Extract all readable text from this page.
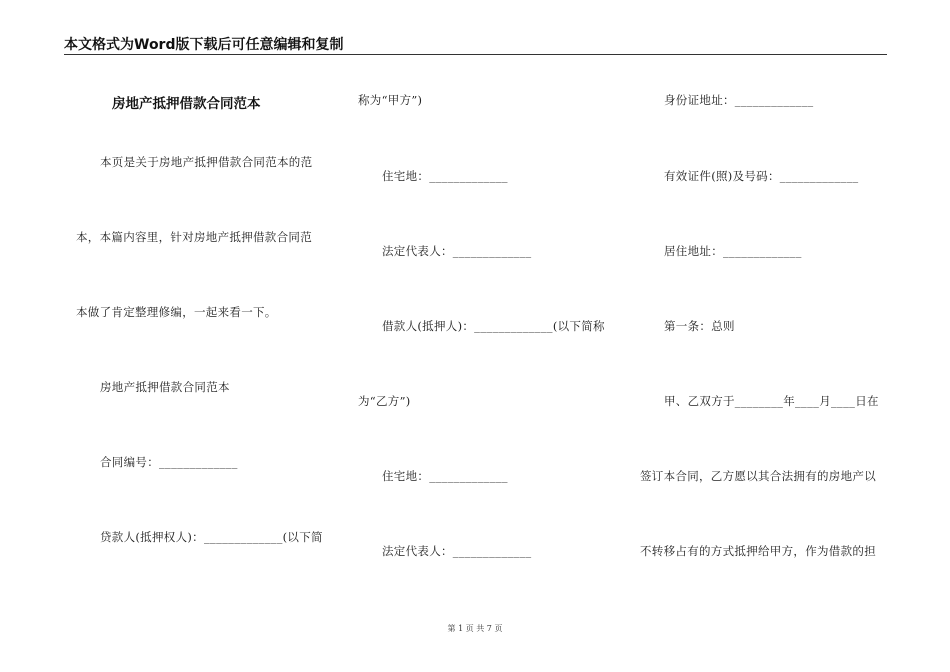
本文格式为Word版下载后可任意编辑和复制
房地产抵押借款合同范本
本页是关于房地产抵押借款合同范本的范
本，本篇内容里，针对房地产抵押借款合同范
本做了肯定整理修编，一起来看一下。
房地产抵押借款合同范本
合同编号：_____________
贷款人(抵押权人)：_____________(以下简
称为“甲方”)
住宅地：_____________
法定代表人：_____________
借款人(抵押人)：_____________(以下简称
为“乙方”)
住宅地：_____________
法定代表人：_____________
身份证地址：_____________
有效证件(照)及号码：_____________
居住地址：_____________
第一条：总则
甲、乙双方于________年____月____日在
签订本合同，乙方愿以其合法拥有的房地产以
不转移占有的方式抵押给甲方，作为借款的担
第 1 页 共 7 页
